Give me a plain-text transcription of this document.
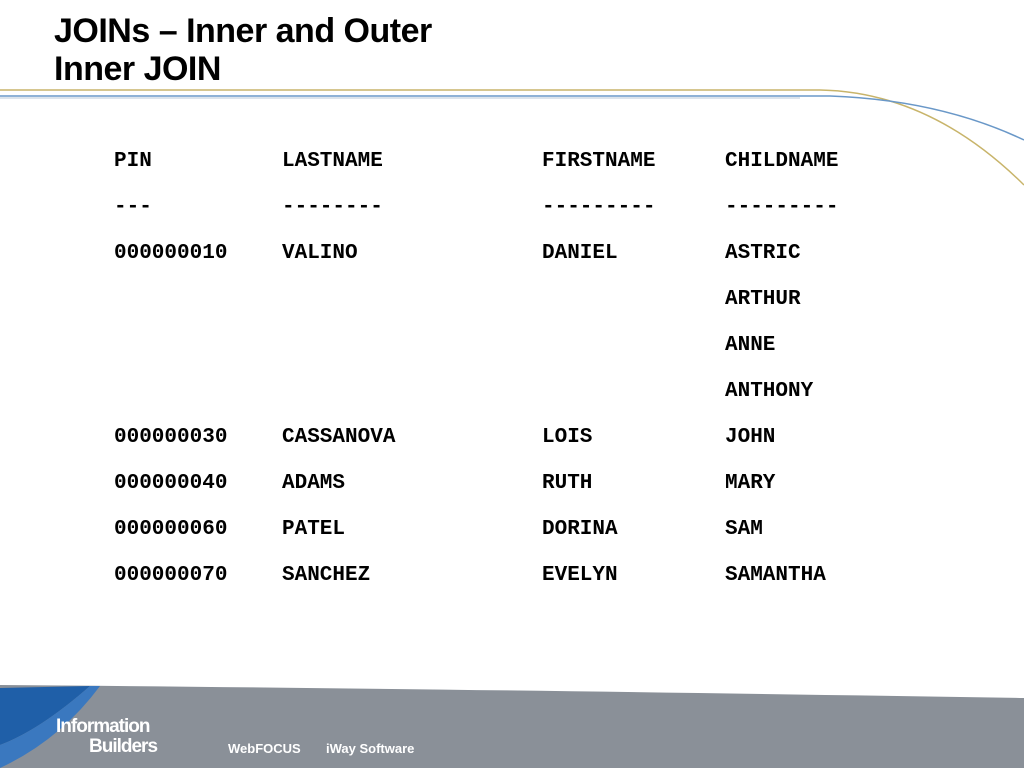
JOINs – Inner and Outer
Inner JOIN
PIN	LASTNAME	FIRSTNAME	CHILDNAME
---	--------	---------	---------
000000010	VALINO	DANIEL	ASTRIC
			ARTHUR
			ANNE
			ANTHONY
000000030	CASSANOVA	LOIS	JOHN
000000040	ADAMS	RUTH	MARY
000000060	PATEL	DORINA	SAM
000000070	SANCHEZ	EVELYN	SAMANTHA
Information
Builders	WebFOCUS iWay Software
